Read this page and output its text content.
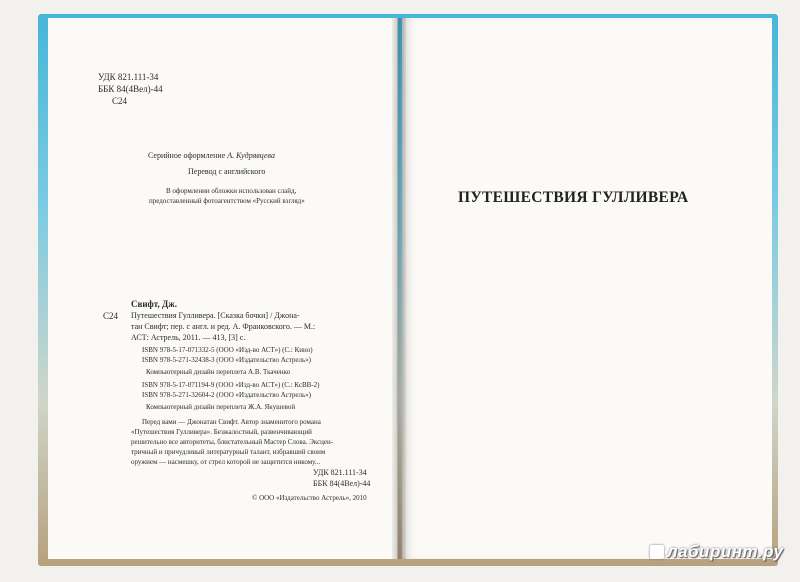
УДК 821.111-34
ББК 84(4Вел)-44
С24
Серийное оформление А. Кудрявцева
Перевод с английского
В оформлении обложки использован слайд,
предоставленный фотоагентством «Русский взгляд»
Свифт, Дж.
С24 Путешествия Гулливера. [Сказка бочки] / Джона-
тан Свифт; пер. с англ. и ред. А. Франковского. — М.:
АСТ: Астрель, 2011. — 413, [3] с.
ISBN 978-5-17-071332-5 (ООО «Изд-во АСТ») (С.: Кино)
ISBN 978-5-271-32438-3 (ООО «Издательство Астрель»)
Компьютерный дизайн переплета А.В. Ткаченко
ISBN 978-5-17-071194-9 (ООО «Изд-во АСТ») (С.: КсВВ-2)
ISBN 978-5-271-32604-2 (ООО «Издательство Астрель»)
Компьютерный дизайн переплета Ж.А. Якушевой
Перед вами — Джонатан Свифт. Автор знаменитого романа
«Путешествия Гулливера». Безжалостный, развенчивающий
решительно все авторитеты, блистательный Мастер Слова. Эксцен-
тричный и причудливый литературный талант, избравший своим
оружием — насмешку, от стрел которой не защитится никому...
УДК 821.111-34
ББК 84(4Вел)-44
© ООО «Издательство Астрель», 2010
ПУТЕШЕСТВИЯ ГУЛЛИВЕРА
лабиринт.ру
